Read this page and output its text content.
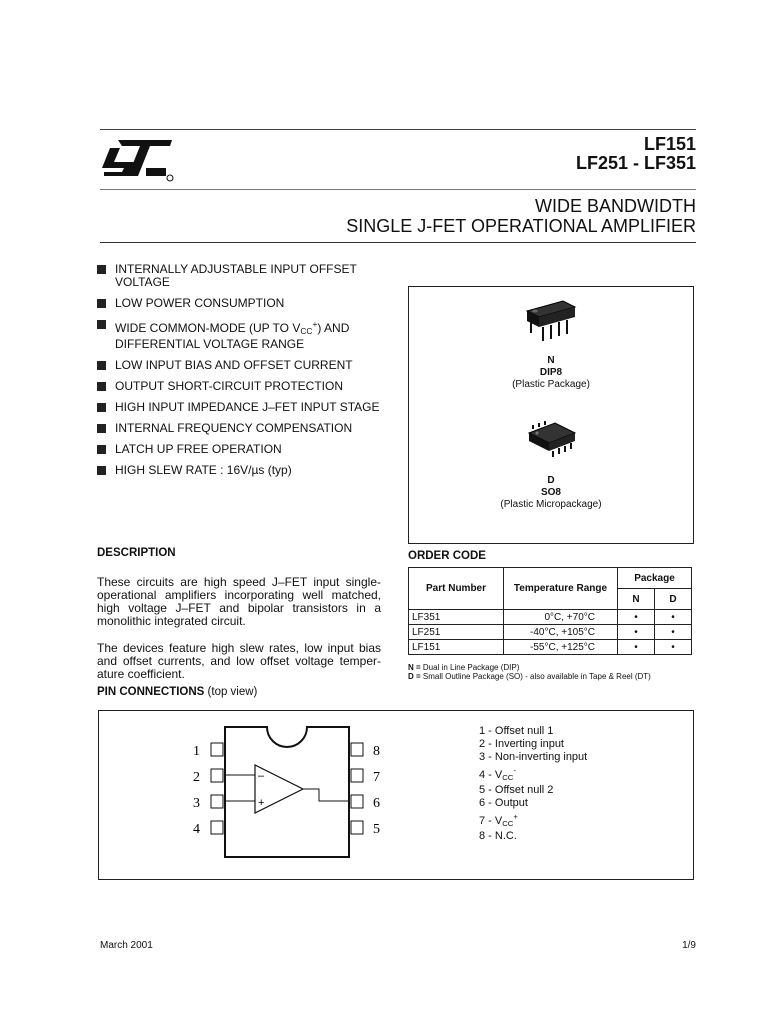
LF151
LF251 - LF351
WIDE BANDWIDTH
SINGLE J-FET OPERATIONAL AMPLIFIER
INTERNALLY ADJUSTABLE INPUT OFFSET VOLTAGE
LOW POWER CONSUMPTION
WIDE COMMON-MODE (UP TO $V_{CC}^+$) AND DIFFERENTIAL VOLTAGE RANGE
LOW INPUT BIAS AND OFFSET CURRENT
OUTPUT SHORT-CIRCUIT PROTECTION
HIGH INPUT IMPEDANCE J–FET INPUT STAGE
INTERNAL FREQUENCY COMPENSATION
LATCH UP FREE OPERATION
HIGH SLEW RATE : 16V/µs (typ)
N
DIP8
(Plastic Package)
D
SO8
(Plastic Micropackage)
DESCRIPTION
These circuits are high speed J–FET input single-operational amplifiers incorporating well matched, high voltage J–FET and bipolar transistors in a monolithic integrated circuit.
The devices feature high slew rates, low input bias and offset currents, and low offset voltage temper-ature coefficient.
ORDER CODE
Part Number	Temperature Range	Package	
		N	D
LF351	0°C, +70°C	•	•
LF251	-40°C, +105°C	•	•
LF151	-55°C, +125°C	•	•
N = Dual in Line Package (DIP)
D = Small Outline Package (SO) - also available in Tape & Reel (DT)
PIN CONNECTIONS (top view)
–
+
1
2
3
4
8
7
6
5
1 - Offset null 1
2 - Inverting input
3 - Non-inverting input
$4 - V_{CC}^-$
5 - Offset null 2
6 - Output
$7 - V_{CC}^+$
8 - N.C.
March 2001	1/9
